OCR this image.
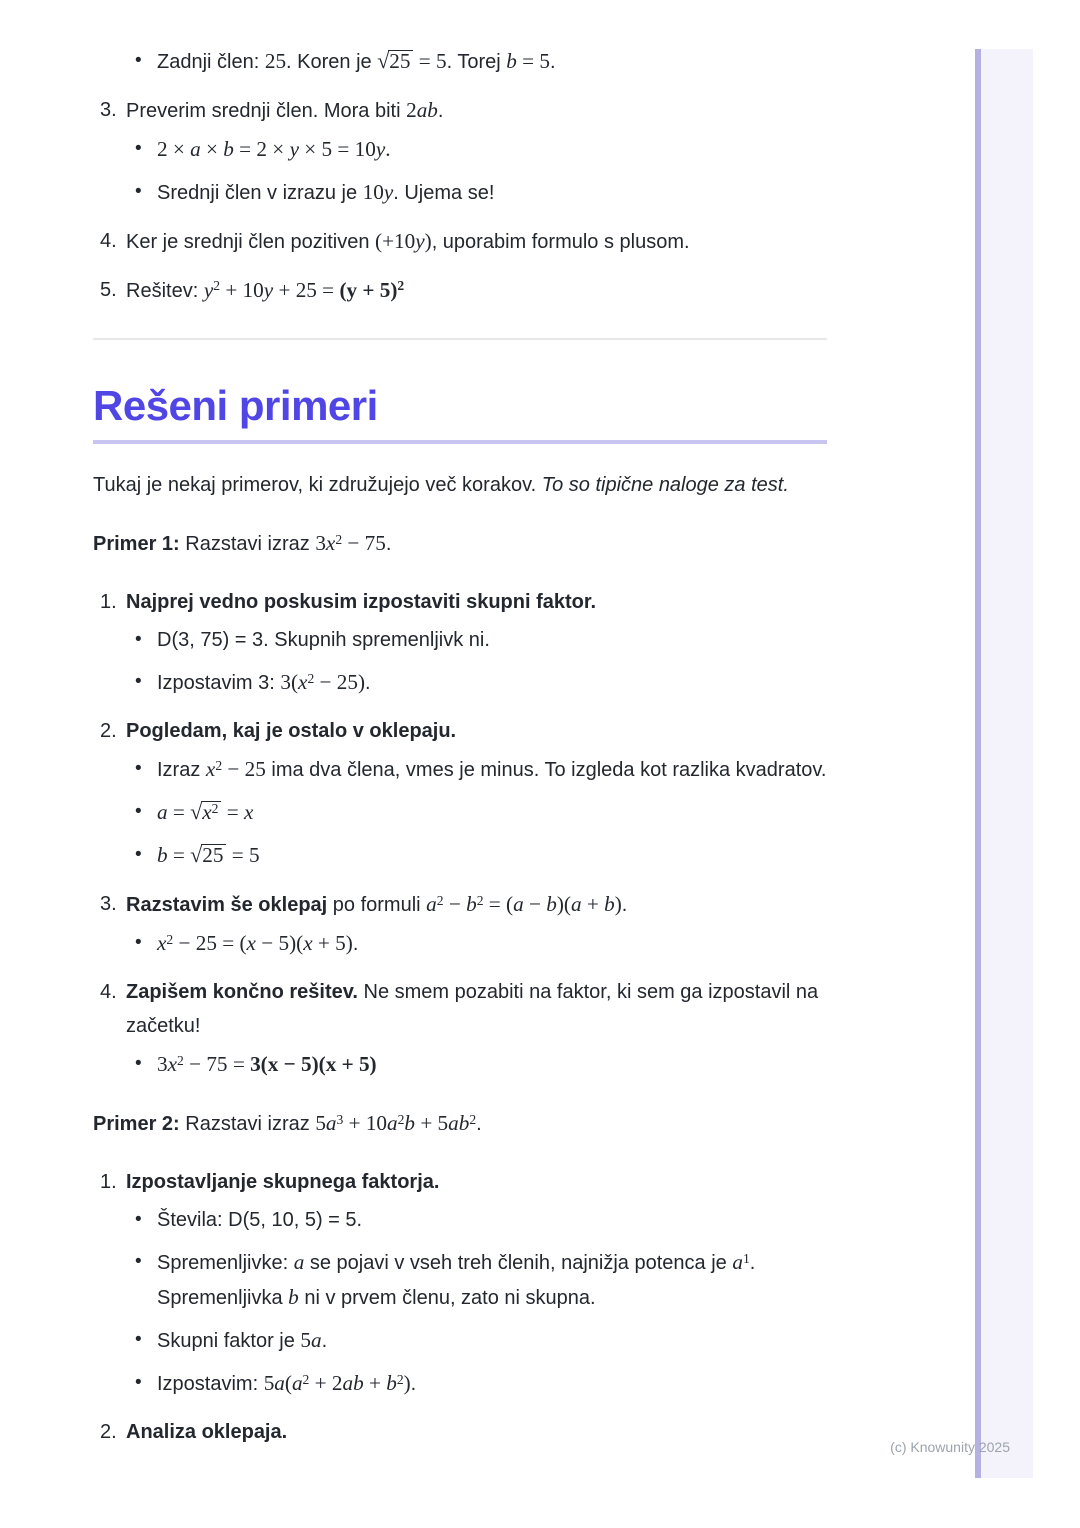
(c) Knowunity 2025
• Zadnji člen: 25. Koren je √25 = 5. Torej b = 5.
3. Preverim srednji člen. Mora biti 2ab.
• 2 × a × b = 2 × y × 5 = 10y.
• Srednji člen v izrazu je 10y. Ujema se!
4. Ker je srednji člen pozitiven (+10y), uporabim formulo s plusom.
5. Rešitev: $y^2 + 10y + 25 = (y + 5)^2$
Rešeni primeri

Tukaj je nekaj primerov, ki združujejo več korakov. To so tipične naloge za test.

Primer 1: Razstavi izraz $3x^2 - 75$.

1. Najprej vedno poskusim izpostaviti skupni faktor.
• D(3, 75) = 3. Skupnih spremenljivk ni.
• Izpostavim 3: $3(x^2 - 25)$.
2. Pogledam, kaj je ostalo v oklepaju.
• Izraz $x^2 - 25$ ima dva člena, vmes je minus. To izgleda kot razlika kvadratov.
• $a = √x^2 = x$
• b = √25 = 5
3. Razstavim še oklepaj po formuli $a^2 - b^2 = (a - b)(a + b)$.
• $x^2 - 25 = (x - 5)(x + 5)$.
4. Zapišem končno rešitev. Ne smem pozabiti na faktor, ki sem ga izpostavil na začetku!
• $3x^2 - 75 = 3(x - 5)(x + 5)$

Primer 2: Razstavi izraz $5a^3 + 10a^2b + 5ab^2$.

1. Izpostavljanje skupnega faktorja.
• Števila: D(5, 10, 5) = 5.
• Spremenljivke: a se pojavi v vseh treh členih, najnižja potenca je $a^1$. Spremenljivka b ni v prvem členu, zato ni skupna.
• Skupni faktor je 5a.
• Izpostavim: $5a(a^2 + 2ab + b^2)$.
2. Analiza oklepaja.
